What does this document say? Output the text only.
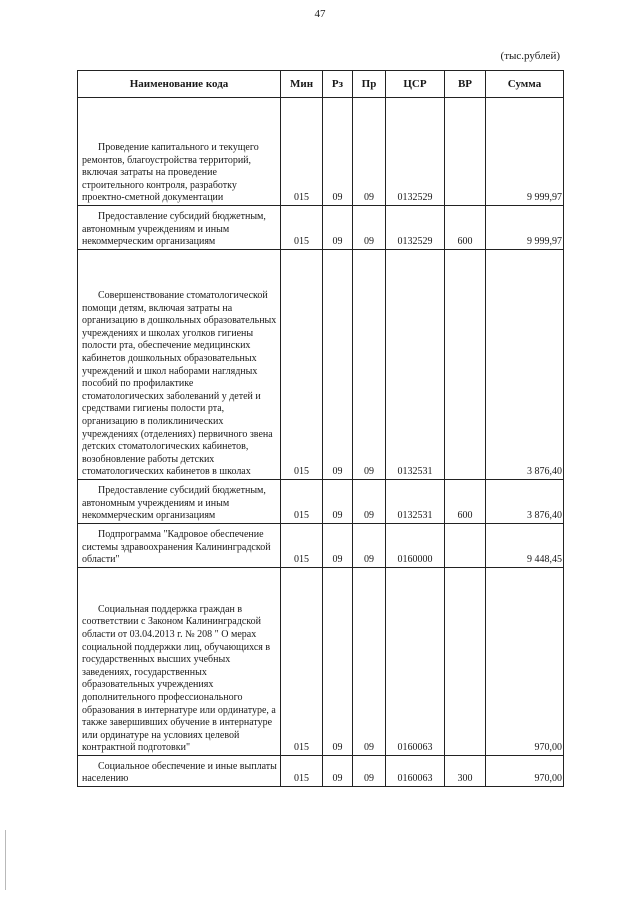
47
(тыс.рублей)
Наименование кода	Мин	Рз	Пр	ЦСР	ВР	Сумма
Проведение капитального и текущего ремонтов, благоустройства территорий, включая затраты на проведение строительного контроля, разработку проектно-сметной документации	015	09	09	0132529		9 999,97
Предоставление субсидий бюджетным, автономным учреждениям и иным некоммерческим организациям	015	09	09	0132529	600	9 999,97
Совершенствование стоматологической помощи детям, включая затраты на организацию в дошкольных образовательных учреждениях и школах уголков гигиены полости рта, обеспечение медицинских кабинетов дошкольных образовательных учреждений и школ наборами наглядных пособий по профилактике стоматологических заболеваний у детей и средствами гигиены полости рта, организацию в поликлинических учреждениях (отделениях) первичного звена детских стоматологических кабинетов, возобновление работы детских стоматологических кабинетов в школах	015	09	09	0132531		3 876,40
Предоставление субсидий бюджетным, автономным учреждениям и иным некоммерческим организациям	015	09	09	0132531	600	3 876,40
Подпрограмма "Кадровое обеспечение системы здравоохранения Калининградской области"	015	09	09	0160000		9 448,45
Социальная поддержка граждан в соответствии с Законом Калининградской области от 03.04.2013 г. № 208 " О мерах социальной поддержки лиц, обучающихся в государственных высших учебных заведениях, государственных образовательных учреждениях дополнительного профессионального образования в интернатуре или ординатуре, а также завершивших обучение в интернатуре или ординатуре на условиях целевой контрактной подготовки"	015	09	09	0160063		970,00
Социальное обеспечение и иные выплаты населению	015	09	09	0160063	300	970,00
